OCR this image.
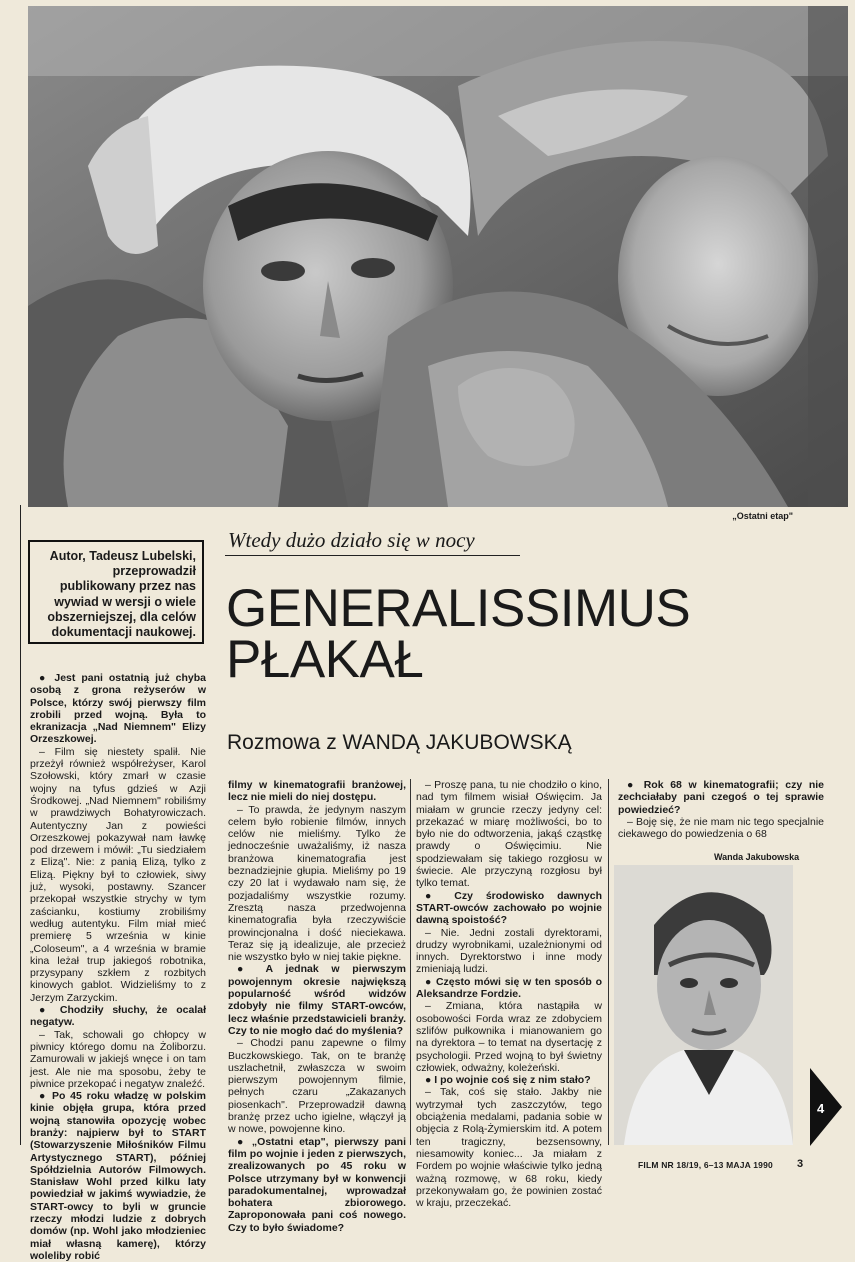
„Ostatni etap"
Wtedy dużo działo się w nocy
Autor, Tadeusz Lubelski, przeprowadził publikowany przez nas wywiad w wersji o wiele obszerniejszej, dla celów dokumentacji naukowej. GENERALISSIMUS
PŁAKAŁ
Rozmowa z WANDĄ JAKUBOWSKĄ

● Jest pani ostatnią już chyba osobą z grona reżyserów w Polsce, którzy swój pierwszy film zrobili przed wojną. Była to ekranizacja „Nad Niemnem" Elizy Orzeszkowej.

– Film się niestety spalił. Nie przeżył również współreżyser, Karol Szołowski, który zmarł w czasie wojny na tyfus gdzieś w Azji Środkowej. „Nad Niemnem" robiliśmy w prawdziwych Bohatyrowiczach. Autentyczny Jan z powieści Orzeszkowej pokazywał nam ławkę pod drzewem i mówił: „Tu siedziałem z Elizą". Nie: z panią Elizą, tylko z Elizą. Piękny był to człowiek, siwy już, wysoki, postawny. Szancer przekopał wszystkie strychy w tym zaścianku, kostiumy zrobiliśmy według autentyku. Film miał mieć premierę 5 września w kinie „Coloseum", a 4 września w bramie kina leżał trup jakiegoś robotnika, przysypany szkłem z rozbitych kinowych gablot. Widzieliśmy to z Jerzym Zarzyckim.

● Chodziły słuchy, że ocalał negatyw.

– Tak, schowali go chłopcy w piwnicy którego domu na Żoliborzu. Zamurowali w jakiejś wnęce i on tam jest. Ale nie ma sposobu, żeby te piwnice przekopać i negatyw znaleźć.

● Po 45 roku władzę w polskim kinie objęła grupa, która przed wojną stanowiła opozycję wobec branży: najpierw był to START (Stowarzyszenie Miłośników Filmu Artystycznego START), później Spółdzielnia Autorów Filmowych. Stanisław Wohl przed kilku laty powiedział w jakimś wywiadzie, że START-owcy to byli w gruncie rzeczy młodzi ludzie z dobrych domów (np. Wohl jako młodzieniec miał własną kamerę), którzy woleliby robić

filmy w kinematografii branżowej, lecz nie mieli do niej dostępu.

– To prawda, że jedynym naszym celem było robienie filmów, innych celów nie mieliśmy. Tylko że jednocześnie uważaliśmy, iż nasza branżowa kinematografia jest beznadziejnie głupia. Mieliśmy po 19 czy 20 lat i wydawało nam się, że pozjadaliśmy wszystkie rozumy. Zresztą nasza przedwojenna kinematografia była rzeczywiście prowincjonalna i dość nieciekawa. Teraz się ją idealizuje, ale przecież nie wszystko było w niej takie piękne.

● A jednak w pierwszym powojennym okresie największą popularność wśród widzów zdobyły nie filmy START-owców, lecz właśnie przedstawicieli branży. Czy to nie mogło dać do myślenia?

– Chodzi panu zapewne o filmy Buczkowskiego. Tak, on te branżę uszlachetnił, zwłaszcza w swoim pierwszym powojennym filmie, pełnych czaru „Zakazanych piosenkach". Przeprowadził dawną branżę przez ucho igielne, włączył ją w nowe, powojenne kino.

● „Ostatni etap", pierwszy pani film po wojnie i jeden z pierwszych, zrealizowanych po 45 roku w Polsce utrzymany był w konwencji paradokumentalnej, wprowadzał bohatera zbiorowego. Zaproponowała pani coś nowego. Czy to było świadome?

– Proszę pana, tu nie chodziło o kino, nad tym filmem wisiał Oświęcim. Ja miałam w gruncie rzeczy jedyny cel: przekazać w miarę możliwości, bo to było nie do odtworzenia, jakąś cząstkę prawdy o Oświęcimiu. Nie spodziewałam się takiego rozgłosu w świecie. Ale przyczyną rozgłosu był tylko temat.

● Czy środowisko dawnych START-owców zachowało po wojnie dawną spoistość?

– Nie. Jedni zostali dyrektorami, drudzy wyrobnikami, uzależnionymi od innych. Dyrektorstwo i inne mody zmieniają ludzi.

● Często mówi się w ten sposób o Aleksandrze Fordzie.

– Zmiana, która nastąpiła w osobowości Forda wraz ze zdobyciem szlifów pułkownika i mianowaniem go na dyrektora – to temat na dysertację z psychologii. Przed wojną to był świetny człowiek, odważny, koleżeński.

● I po wojnie coś się z nim stało?

– Tak, coś się stało. Jakby nie wytrzymał tych zaszczytów, tego obciążenia medalami, padania sobie w objęcia z Rolą-Żymierskim itd. A potem ten tragiczny, bezsensowny, niesamowity koniec... Ja miałam z Fordem po wojnie właściwie tylko jedną ważną rozmowę, w 68 roku, kiedy przekonywałam go, że powinien zostać w kraju, przeczekać.

● Rok 68 w kinematografii; czy nie zechciałaby pani czegoś o tej sprawie powiedzieć?

– Boję się, że nie mam nic tego specjalnie ciekawego do powiedzenia o 68

Wanda Jakubowska
4
FILM NR 18/19, 6–13 MAJA 1990 3
